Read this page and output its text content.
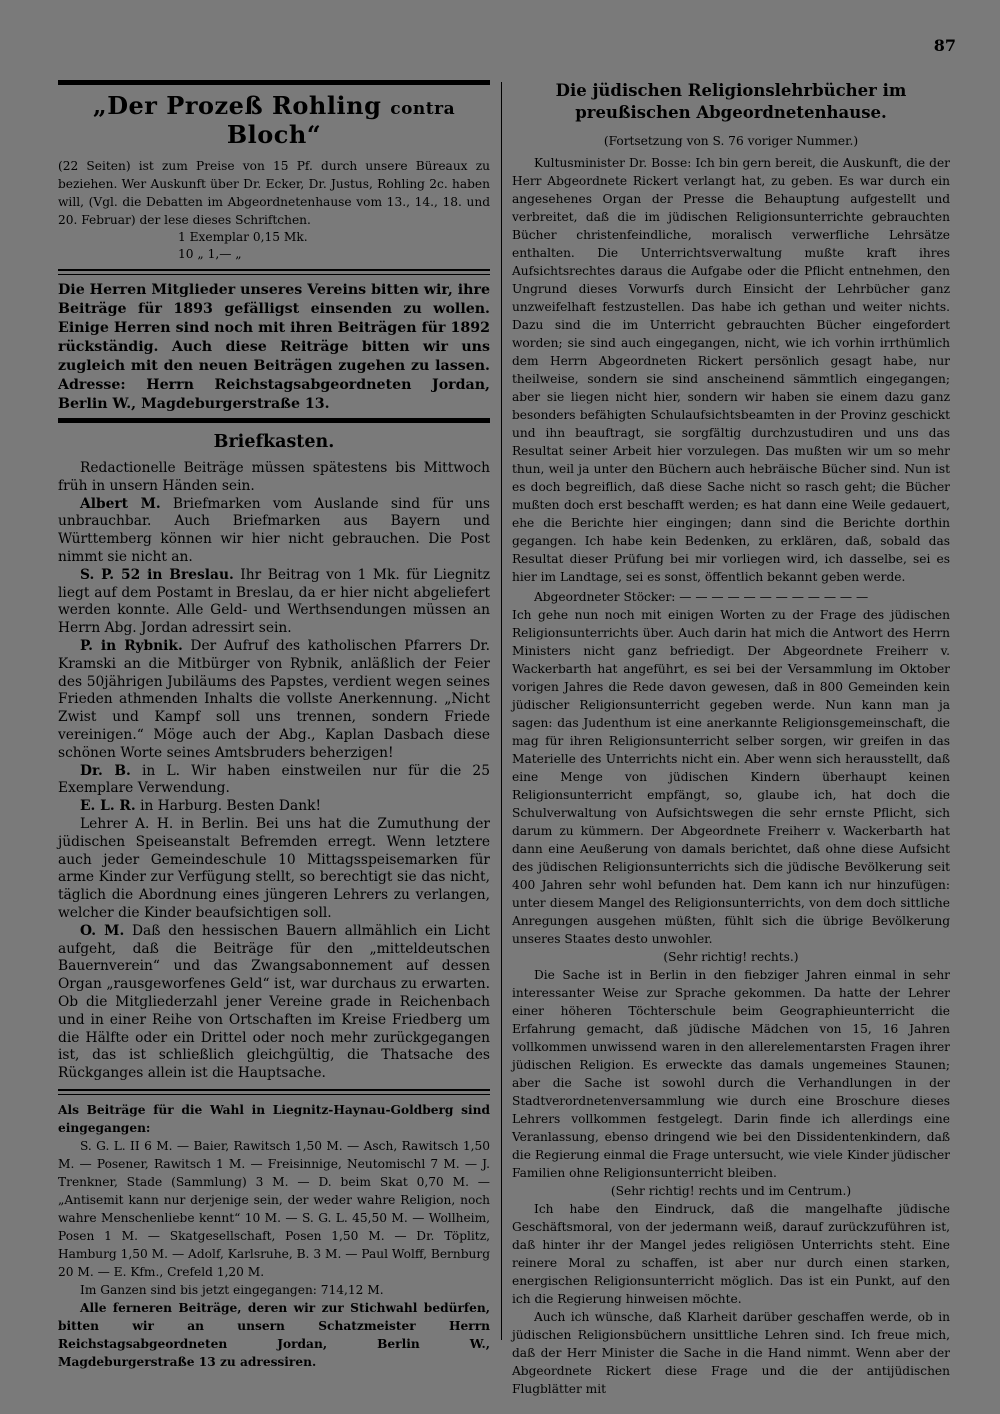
87
„Der Prozeß Rohling contra Bloch“

(22 Seiten) ist zum Preise von 15 Pf. durch unsere Büreaux zu beziehen. Wer Auskunft über Dr. Ecker, Dr. Justus, Rohling 2c. haben will, (Vgl. die Debatten im Abgeordnetenhause vom 13., 14., 18. und 20. Februar) der lese dieses Schriftchen.

1 Exemplar 0,15 Mk.

10 „ 1,— „

Die Herren Mitglieder unseres Vereins bitten wir, ihre Beiträge für 1893 gefälligst einsenden zu wollen. Einige Herren sind noch mit ihren Beiträgen für 1892 rückständig. Auch diese Reiträge bitten wir uns zugleich mit den neuen Beiträgen zugehen zu lassen. Adresse: Herrn Reichstagsabgeordneten Jordan, Berlin W., Magdeburgerstraße 13.

Briefkasten.

Redactionelle Beiträge müssen spätestens bis Mittwoch früh in unsern Händen sein.

Albert M. Briefmarken vom Auslande sind für uns unbrauchbar. Auch Briefmarken aus Bayern und Württemberg können wir hier nicht gebrauchen. Die Post nimmt sie nicht an.

S. P. 52 in Breslau. Ihr Beitrag von 1 Mk. für Liegnitz liegt auf dem Postamt in Breslau, da er hier nicht abgeliefert werden konnte. Alle Geld- und Werthsendungen müssen an Herrn Abg. Jordan adressirt sein.

P. in Rybnik. Der Aufruf des katholischen Pfarrers Dr. Kramski an die Mitbürger von Rybnik, anläßlich der Feier des 50jährigen Jubiläums des Papstes, verdient wegen seines Frieden athmenden Inhalts die vollste Anerkennung. „Nicht Zwist und Kampf soll uns trennen, sondern Friede vereinigen.“ Möge auch der Abg., Kaplan Dasbach diese schönen Worte seines Amtsbruders beherzigen!

Dr. B. in L. Wir haben einstweilen nur für die 25 Exemplare Verwendung.

E. L. R. in Harburg. Besten Dank!

Lehrer A. H. in Berlin. Bei uns hat die Zumuthung der jüdischen Speiseanstalt Befremden erregt. Wenn letztere auch jeder Gemeindeschule 10 Mittagsspeisemarken für arme Kinder zur Verfügung stellt, so berechtigt sie das nicht, täglich die Abordnung eines jüngeren Lehrers zu verlangen, welcher die Kinder beaufsichtigen soll.

O. M. Daß den hessischen Bauern allmählich ein Licht aufgeht, daß die Beiträge für den „mitteldeutschen Bauernverein“ und das Zwangsabonnement auf dessen Organ „rausgeworfenes Geld“ ist, war durchaus zu erwarten. Ob die Mitgliederzahl jener Vereine grade in Reichenbach und in einer Reihe von Ortschaften im Kreise Friedberg um die Hälfte oder ein Drittel oder noch mehr zurückgegangen ist, das ist schließlich gleichgültig, die Thatsache des Rückganges allein ist die Hauptsache.

Als Beiträge für die Wahl in Liegnitz-Haynau-Goldberg sind eingegangen:

S. G. L. II 6 M. — Baier, Rawitsch 1,50 M. — Asch, Rawitsch 1,50 M. — Posener, Rawitsch 1 M. — Freisinnige, Neutomischl 7 M. — J. Trenkner, Stade (Sammlung) 3 M. — D. beim Skat 0,70 M. — „Antisemit kann nur derjenige sein, der weder wahre Religion, noch wahre Menschenliebe kennt“ 10 M. — S. G. L. 45,50 M. — Wollheim, Posen 1 M. — Skatgesellschaft, Posen 1,50 M. — Dr. Töplitz, Hamburg 1,50 M. — Adolf, Karlsruhe, B. 3 M. — Paul Wolff, Bernburg 20 M. — E. Kfm., Crefeld 1,20 M.

Im Ganzen sind bis jetzt eingegangen: 714,12 M.

Alle ferneren Beiträge, deren wir zur Stichwahl bedürfen, bitten wir an unsern Schatzmeister Herrn Reichstagsabgeordneten Jordan, Berlin W., Magdeburgerstraße 13 zu adressiren.

Die jüdischen Religionslehrbücher im preußischen Abgeordnetenhause.

(Fortsetzung von S. 76 voriger Nummer.)

Kultusminister Dr. Bosse: Ich bin gern bereit, die Auskunft, die der Herr Abgeordnete Rickert verlangt hat, zu geben. Es war durch ein angesehenes Organ der Presse die Behauptung aufgestellt und verbreitet, daß die im jüdischen Religionsunterrichte gebrauchten Bücher christenfeindliche, moralisch verwerfliche Lehrsätze enthalten. Die Unterrichtsverwaltung mußte kraft ihres Aufsichtsrechtes daraus die Aufgabe oder die Pflicht entnehmen, den Ungrund dieses Vorwurfs durch Einsicht der Lehrbücher ganz unzweifelhaft festzustellen. Das habe ich gethan und weiter nichts. Dazu sind die im Unterricht gebrauchten Bücher eingefordert worden; sie sind auch eingegangen, nicht, wie ich vorhin irrthümlich dem Herrn Abgeordneten Rickert persönlich gesagt habe, nur theilweise, sondern sie sind anscheinend sämmtlich eingegangen; aber sie liegen nicht hier, sondern wir haben sie einem dazu ganz besonders befähigten Schulaufsichtsbeamten in der Provinz geschickt und ihn beauftragt, sie sorgfältig durchzustudiren und uns das Resultat seiner Arbeit hier vorzulegen. Das mußten wir um so mehr thun, weil ja unter den Büchern auch hebräische Bücher sind. Nun ist es doch begreiflich, daß diese Sache nicht so rasch geht; die Bücher mußten doch erst beschafft werden; es hat dann eine Weile gedauert, ehe die Berichte hier eingingen; dann sind die Berichte dorthin gegangen. Ich habe kein Bedenken, zu erklären, daß, sobald das Resultat dieser Prüfung bei mir vorliegen wird, ich dasselbe, sei es hier im Landtage, sei es sonst, öffentlich bekannt geben werde.

Abgeordneter Stöcker: — — — — — — — — — — — —

Ich gehe nun noch mit einigen Worten zu der Frage des jüdischen Religionsunterrichts über. Auch darin hat mich die Antwort des Herrn Ministers nicht ganz befriedigt. Der Abgeordnete Freiherr v. Wackerbarth hat angeführt, es sei bei der Versammlung im Oktober vorigen Jahres die Rede davon gewesen, daß in 800 Gemeinden kein jüdischer Religionsunterricht gegeben werde. Nun kann man ja sagen: das Judenthum ist eine anerkannte Religionsgemeinschaft, die mag für ihren Religionsunterricht selber sorgen, wir greifen in das Materielle des Unterrichts nicht ein. Aber wenn sich herausstellt, daß eine Menge von jüdischen Kindern überhaupt keinen Religionsunterricht empfängt, so, glaube ich, hat doch die Schulverwaltung von Aufsichtswegen die sehr ernste Pflicht, sich darum zu kümmern. Der Abgeordnete Freiherr v. Wackerbarth hat dann eine Aeußerung von damals berichtet, daß ohne diese Aufsicht des jüdischen Religionsunterrichts sich die jüdische Bevölkerung seit 400 Jahren sehr wohl befunden hat. Dem kann ich nur hinzufügen: unter diesem Mangel des Religionsunterrichts, von dem doch sittliche Anregungen ausgehen müßten, fühlt sich die übrige Bevölkerung unseres Staates desto unwohler.

(Sehr richtig! rechts.)

Die Sache ist in Berlin in den fiebziger Jahren einmal in sehr interessanter Weise zur Sprache gekommen. Da hatte der Lehrer einer höheren Töchterschule beim Geographieunterricht die Erfahrung gemacht, daß jüdische Mädchen von 15, 16 Jahren vollkommen unwissend waren in den allerelementarsten Fragen ihrer jüdischen Religion. Es erweckte das damals ungemeines Staunen; aber die Sache ist sowohl durch die Verhandlungen in der Stadtverordnetenversammlung wie durch eine Broschure dieses Lehrers vollkommen festgelegt. Darin finde ich allerdings eine Veranlassung, ebenso dringend wie bei den Dissidentenkindern, daß die Regierung einmal die Frage untersucht, wie viele Kinder jüdischer Familien ohne Religionsunterricht bleiben.

(Sehr richtig! rechts und im Centrum.)

Ich habe den Eindruck, daß die mangelhafte jüdische Geschäftsmoral, von der jedermann weiß, darauf zurückzuführen ist, daß hinter ihr der Mangel jedes religiösen Unterrichts steht. Eine reinere Moral zu schaffen, ist aber nur durch einen starken, energischen Religionsunterricht möglich. Das ist ein Punkt, auf den ich die Regierung hinweisen möchte.

Auch ich wünsche, daß Klarheit darüber geschaffen werde, ob in jüdischen Religionsbüchern unsittliche Lehren sind. Ich freue mich, daß der Herr Minister die Sache in die Hand nimmt. Wenn aber der Abgeordnete Rickert diese Frage und die der antijüdischen Flugblätter mit
